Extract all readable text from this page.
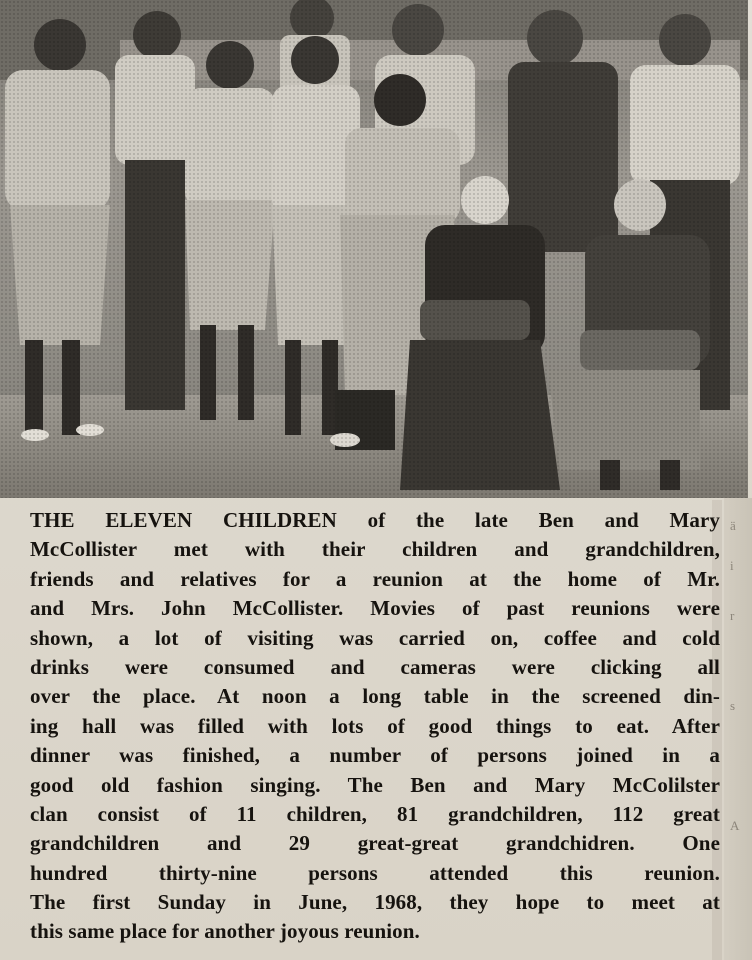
ä
i
r
s
A
THE ELEVEN CHILDREN of the late Ben and Mary
McCollister met with their children and grandchildren,
friends and relatives for a reunion at the home of Mr.
and Mrs. John McCollister. Movies of past reunions were
shown, a lot of visiting was carried on, coffee and cold
drinks were consumed and cameras were clicking all
over the place. At noon a long table in the screened din-
ing hall was filled with lots of good things to eat. After
dinner was finished, a number of persons joined in a
good old fashion singing. The Ben and Mary McColilster
clan consist of 11 children, 81 grandchildren, 112 great
grandchildren and 29 great-great grandchidren. One
hundred thirty-nine persons attended this reunion.
The first Sunday in June, 1968, they hope to meet at
this same place for another joyous reunion.
